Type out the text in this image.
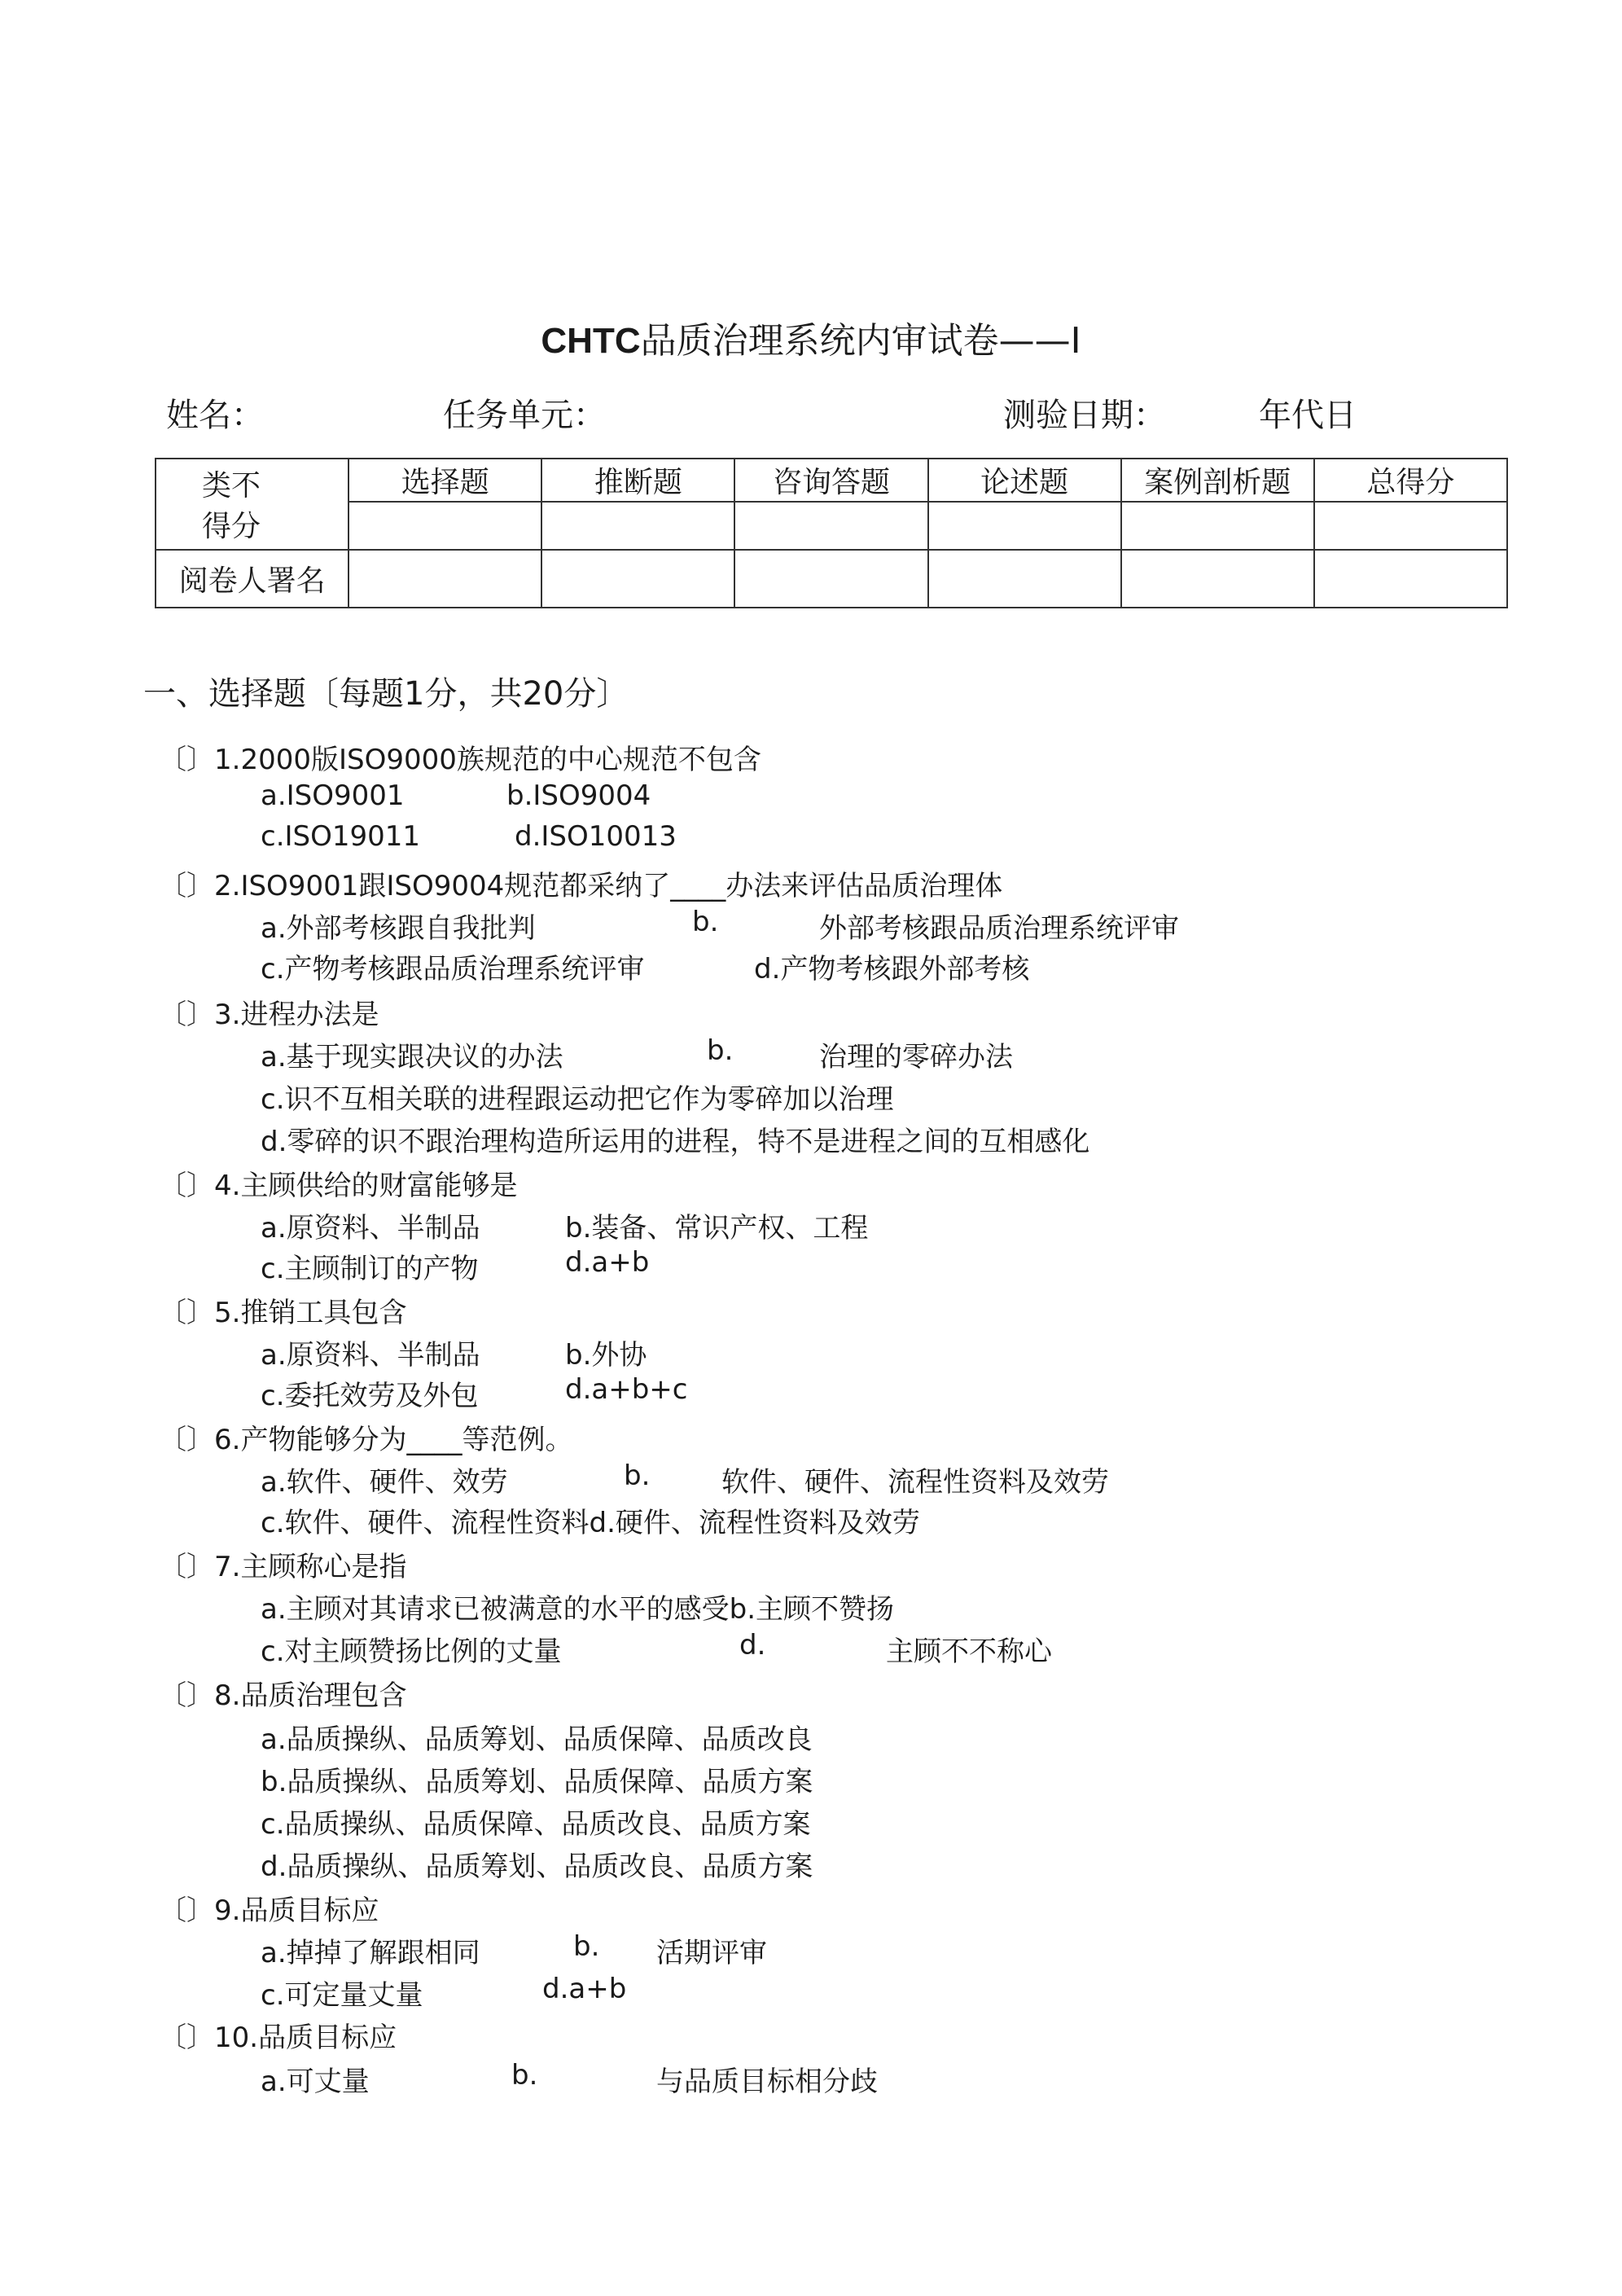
CHTC品质治理系统内审试卷——Ⅰ
姓名：	任务单元：	测验日期：	年代日
类不
得分	选择题	推断题	咨询答题	论述题	案例剖析题	总得分

阅卷人署名						
一、选择题〔每题1分，共20分〕
〔〕1.2000版ISO9000族规范的中心规范不包含
a.ISO9001	b.ISO9004
c.ISO19011	d.ISO10013
〔〕2.ISO9001跟ISO9004规范都采纳了____办法来评估品质治理体
a.外部考核跟自我批判	b.	外部考核跟品质治理系统评审
c.产物考核跟品质治理系统评审	d.产物考核跟外部考核
〔〕3.进程办法是
a.基于现实跟决议的办法	b.	治理的零碎办法
c.识不互相关联的进程跟运动把它作为零碎加以治理
d.零碎的识不跟治理构造所运用的进程，特不是进程之间的互相感化
〔〕4.主顾供给的财富能够是
a.原资料、半制品	b.装备、常识产权、工程
c.主顾制订的产物	d.a+b
〔〕5.推销工具包含
a.原资料、半制品	b.外协
c.委托效劳及外包	d.a+b+c
〔〕6.产物能够分为____等范例。
a.软件、硬件、效劳	b.	软件、硬件、流程性资料及效劳
c.软件、硬件、流程性资料d.硬件、流程性资料及效劳
〔〕7.主顾称心是指
a.主顾对其请求已被满意的水平的感受b.主顾不赞扬
c.对主顾赞扬比例的丈量	d.	主顾不不称心
〔〕8.品质治理包含
a.品质操纵、品质筹划、品质保障、品质改良
b.品质操纵、品质筹划、品质保障、品质方案
c.品质操纵、品质保障、品质改良、品质方案
d.品质操纵、品质筹划、品质改良、品质方案
〔〕9.品质目标应
a.掉掉了解跟相同	b. 活期评审
c.可定量丈量	d.a+b
〔〕10.品质目标应
a.可丈量	b.	与品质目标相分歧
